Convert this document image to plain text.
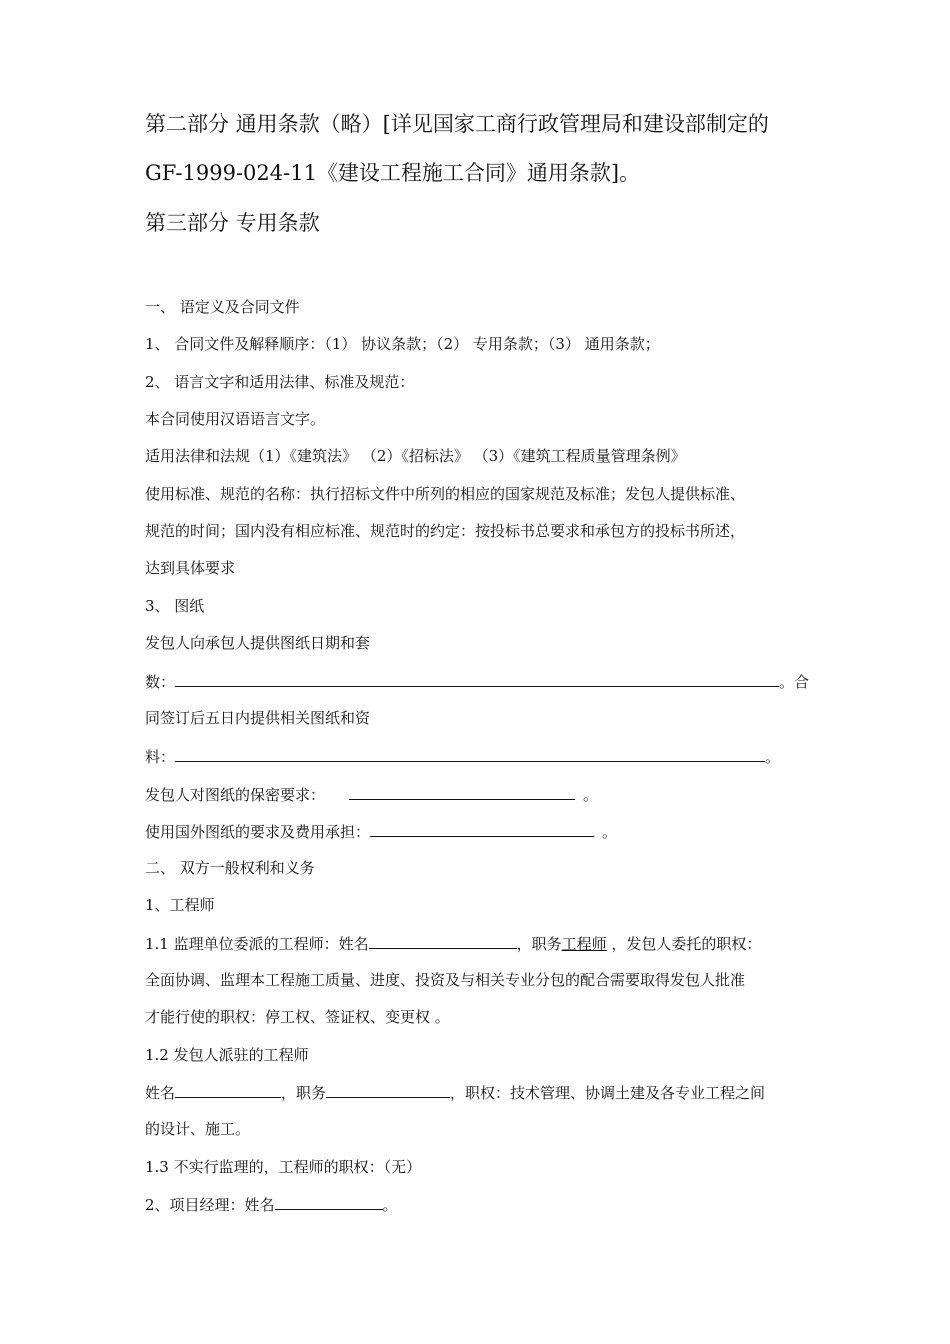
第二部分 通用条款（略）[详见国家工商行政管理局和建设部制定的
GF-1999-024-11《建设工程施工合同》通用条款]。
第三部分 专用条款
一、 语定义及合同文件
1、 合同文件及解释顺序：（1） 协议条款；（2） 专用条款；（3） 通用条款；
2、 语言文字和适用法律、标准及规范：
本合同使用汉语语言文字。
适用法律和法规（1）《建筑法》 （2）《招标法》 （3）《建筑工程质量管理条例》
使用标准、规范的名称：执行招标文件中所列的相应的国家规范及标准；发包人提供标准、
规范的时间；国内没有相应标准、规范时的约定：按投标书总要求和承包方的投标书所述，
达到具体要求
3、 图纸
发包人向承包人提供图纸日期和套
数：	。合
同签订后五日内提供相关图纸和资
料：	。
发包人对图纸的保密要求：	。
使用国外图纸的要求及费用承担：	。
二、 双方一般权利和义务
1、工程师
1.1 监理单位委派的工程师：姓名	，职务工程师 ，发包人委托的职权：
全面协调、监理本工程施工质量、进度、投资及与相关专业分包的配合需要取得发包人批准
才能行使的职权：停工权、签证权、变更权 。
1.2 发包人派驻的工程师
姓名	，职务	，职权：技术管理、协调土建及各专业工程之间
的设计、施工。
1.3 不实行监理的，工程师的职权：（无）
2、项目经理：姓名	。
